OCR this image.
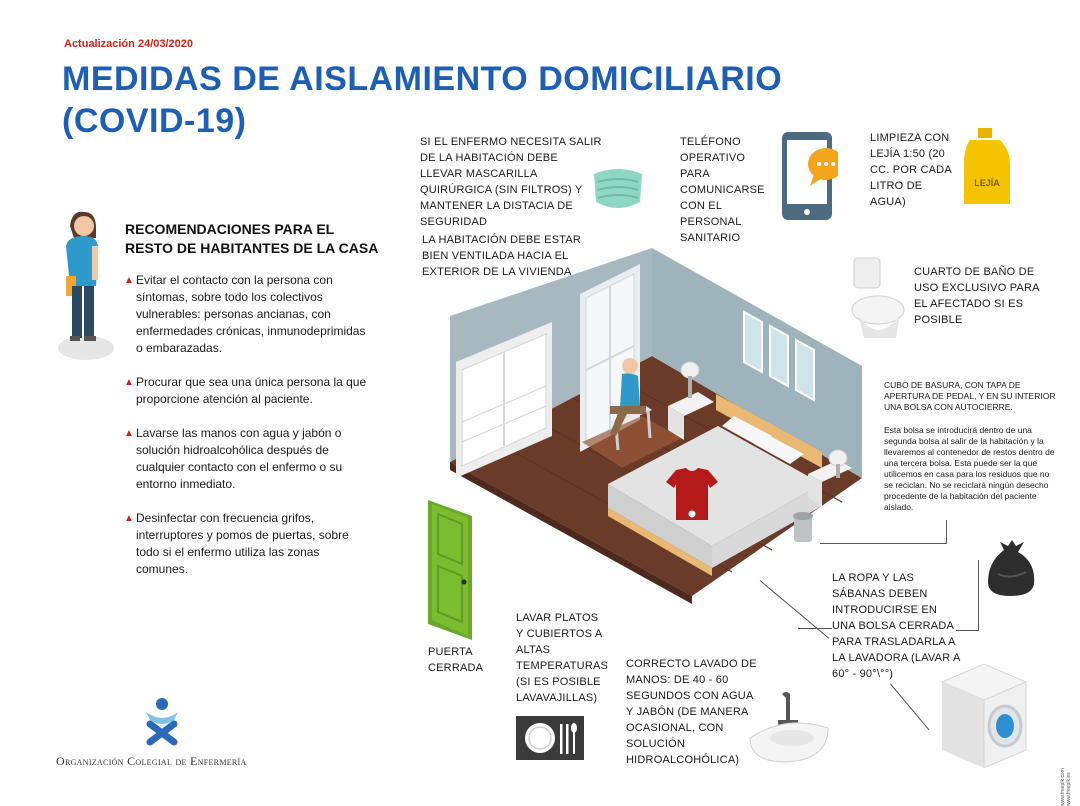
Actualización 24/03/2020
MEDIDAS DE AISLAMIENTO DOMICILIARIO
(COVID-19)
RECOMENDACIONES PARA EL
RESTO DE HABITANTES DE LA CASA
▲ Evitar el contacto con la persona con síntomas, sobre todo los colectivos vulnerables: personas ancianas, con enfermedades crónicas, inmunodeprimidas o embarazadas.
▲ Procurar que sea una única persona la que proporcione atención al paciente.
▲ Lavarse las manos con agua y jabón o solución hidroalcohólica después de cualquier contacto con el enfermo o su entorno inmediato.
▲ Desinfectar con frecuencia grifos, interruptores y pomos de puertas, sobre todo si el enfermo utiliza las zonas comunes.
SI EL ENFERMO NECESITA SALIR DE LA HABITACIÓN DEBE LLEVAR MASCARILLA QUIRÚRGICA (SIN FILTROS) Y MANTENER LA DISTACIA DE SEGURIDAD
TELÉFONO OPERATIVO PARA COMUNICARSE CON EL PERSONAL SANITARIO
LIMPIEZA CON LEJÍA 1:50 (20 CC. POR CADA LITRO DE AGUA)
LEJÍA
LA HABITACIÓN DEBE ESTAR BIEN VENTILADA HACIA EL EXTERIOR DE LA VIVIENDA	CUARTO DE BAÑO DE USO EXCLUSIVO PARA EL AFECTADO SI ES POSIBLE
CUBO DE BASURA, CON TAPA DE APERTURA DE PEDAL, Y EN SU INTERIOR UNA BOLSA CON AUTOCIERRE.
Esta bolsa se introducirá dentro de una segunda bolsa al salir de la habitación y la llevaremos al contenedor de restos dentro de una tercera bolsa. Esta puede ser la que utilicemos en casa para los residuos que no se reciclan. No se reciclará ningún desecho procedente de la habitación del paciente aislado.
LA ROPA Y LAS SÁBANAS DEBEN INTRODUCIRSE EN UNA BOLSA CERRADA PARA TRASLADARLA A LA LAVADORA (LAVAR A 60° - 90°\°°)
PUERTA CERRADA
LAVAR PLATOS Y CUBIERTOS A ALTAS TEMPERATURAS (SI ES POSIBLE LAVAVAJILLAS)
CORRECTO LAVADO DE MANOS: DE 40 - 60 SEGUNDOS CON AGUA Y JABÓN (DE MANERA OCASIONAL, CON SOLUCIÓN HIDROALCOHÓLICA)
Organización Colegial de Enfermería
www.freepik.com www.freepik.es
